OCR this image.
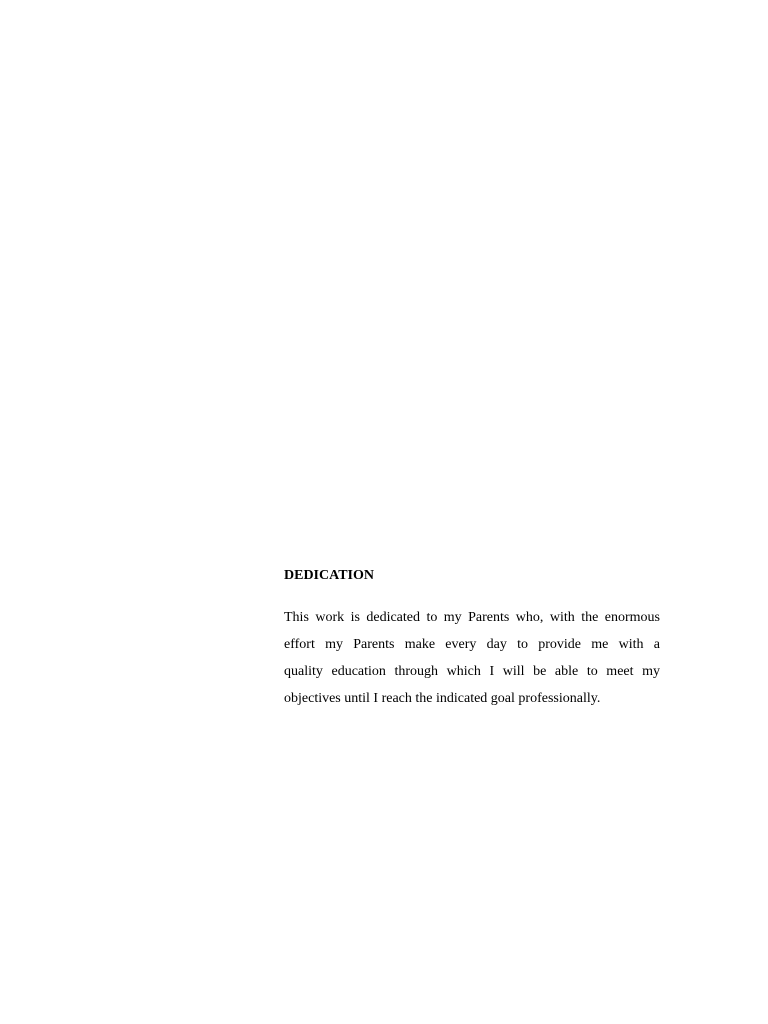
DEDICATION
This work is dedicated to my Parents who, with the enormous
effort my Parents make every day to provide me with a
quality education through which I will be able to meet my
objectives until I reach the indicated goal professionally.
